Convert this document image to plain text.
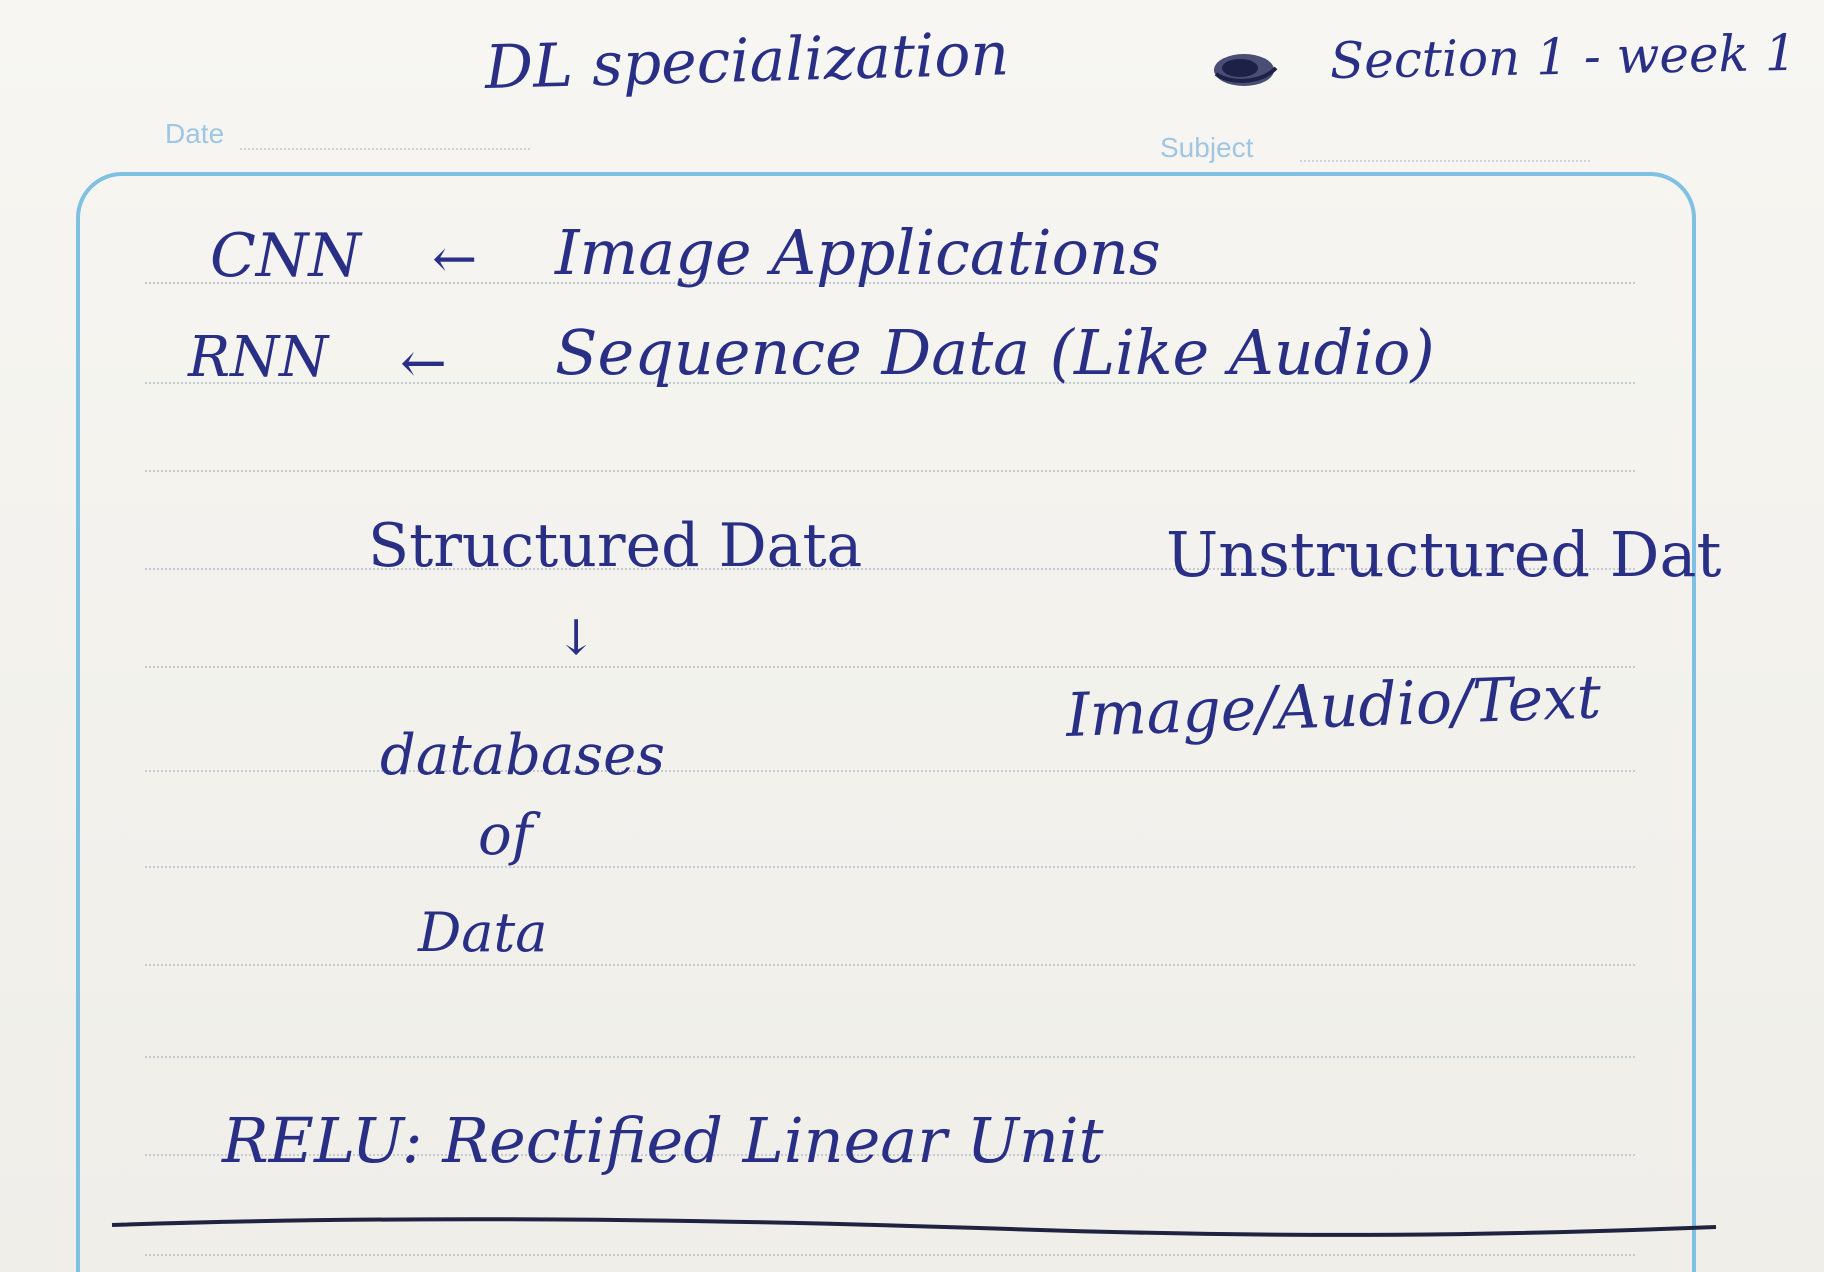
DL specialization	Section 1 - week 1
Date	Subject
CNN ← Image Applications
RNN ← Sequence Data (Like Audio)
Structured Data
↓
databases
of
Data
Unstructured Dat
Image/Audio/Text
RELU: Rectified Linear Unit
